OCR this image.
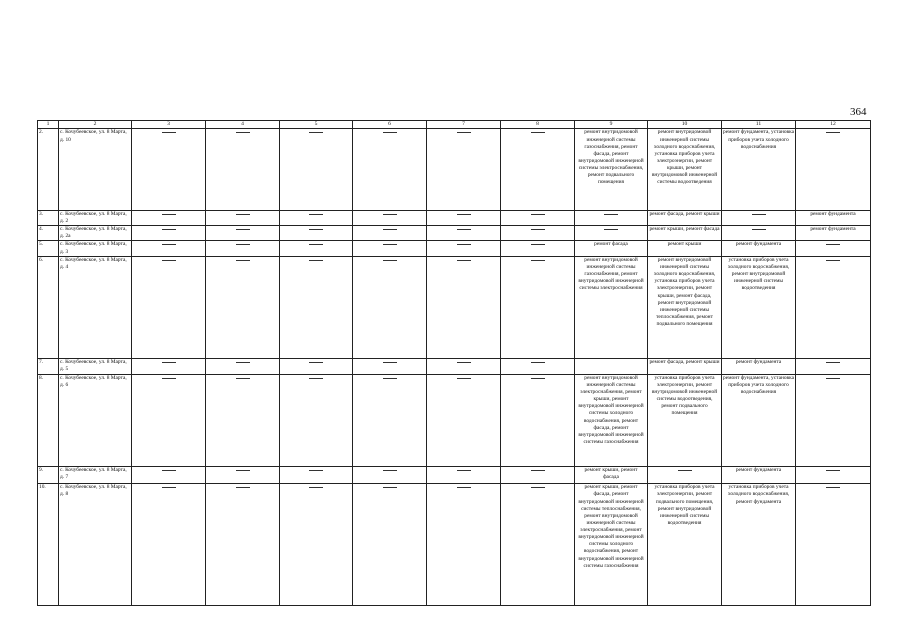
364
1	2	3	4	5	6	7	8	9	10	11	12
2.	с. Кочубеевское, ул. 8 Марта, д. 10							ремонт внутридомовой инженерной системы газоснабжения, ремонт фасада, ремонт внутридомовой инженерной системы электроснабжения, ремонт подвального помещения	ремонт внутридомовой инженерной системы холодного водоснабжения, установка приборов учета электроэнергии, ремонт крыши, ремонт внутридомовой инженерной системы водоотведения	ремонт фундамента, установка приборов учета холодного водоснабжения	
3.	с. Кочубеевское, ул. 8 Марта, д. 2								ремонт фасада, ремонт крыши		ремонт фундамента
4.	с. Кочубеевское, ул. 8 Марта, д. 2а								ремонт крыши, ремонт фасада		ремонт фундамента
5.	с. Кочубеевское, ул. 8 Марта, д. 3							ремонт фасада	ремонт крыши	ремонт фундамента	
6.	с. Кочубеевское, ул. 8 Марта, д. 4							ремонт внутридомовой инженерной системы газоснабжения, ремонт внутридомовой инженерной системы электроснабжения	ремонт внутридомовой инженерной системы холодного водоснабжения, установка приборов учета электроэнергии, ремонт крыши, ремонт фасада, ремонт внутридомовой инженерной системы теплоснабжения, ремонт подвального помещения	установка приборов учета холодного водоснабжения, ремонт внутридомовой инженерной системы водоотведения	
7.	с. Кочубеевское, ул. 8 Марта, д. 5								ремонт фасада, ремонт крыши	ремонт фундамента	
8.	с. Кочубеевское, ул. 8 Марта, д. 6							ремонт внутридомовой инженерной системы электроснабжения, ремонт крыши, ремонт внутридомовой инженерной системы холодного водоснабжения, ремонт фасада, ремонт внутридомовой инженерной системы газоснабжения	установка приборов учета электроэнергии, ремонт внутридомовой инженерной системы водоотведения, ремонт подвального помещения	ремонт фундамента, установка приборов учета холодного водоснабжения	
9.	с. Кочубеевское, ул. 8 Марта, д. 7							ремонт крыши, ремонт фасада		ремонт фундамента	
10.	с. Кочубеевское, ул. 8 Марта, д. 8							ремонт крыши, ремонт фасада, ремонт внутридомовой инженерной системы теплоснабжения, ремонт внутридомовой инженерной системы электроснабжения, ремонт внутридомовой инженерной системы холодного водоснабжения, ремонт внутридомовой инженерной системы газоснабжения	установка приборов учета электроэнергии, ремонт подвального помещения, ремонт внутридомовой инженерной системы водоотведения	установка приборов учета холодного водоснабжения, ремонт фундамента	
